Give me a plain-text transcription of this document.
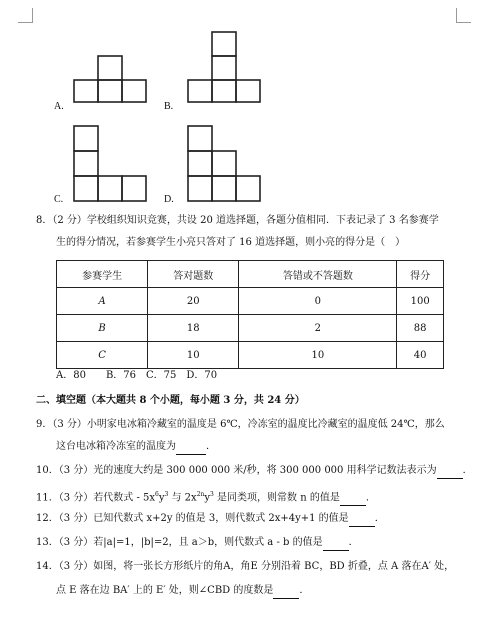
A.	B.
C.	D.
8．（2 分）学校组织知识竞赛，共设 20 道选择题，各题分值相同．下表记录了 3 名参赛学
生的得分情况，若参赛学生小亮只答对了 16 道选择题，则小亮的得分是（　）
参赛学生	答对题数	答错或不答题数	得分
A	20	0	100
B	18	2	88
C	10	10	40
A．80　　B．76　C．75　D．70
二、填空题（本大题共 8 个小题，每小题 3 分，共 24 分）
9．（3 分）小明家电冰箱冷藏室的温度是 6℃，冷冻室的温度比冷藏室的温度低 24℃，那么
这台电冰箱冷冻室的温度为	．
10．（3 分）光的速度大约是 300 000 000 米/秒，将 300 000 000 用科学记数法表示为	．
11．（3 分）若代数式 - $5x^6y^3$ 与 $2x^{2n}y^3$ 是同类项，则常数 n 的值是	．
12．（3 分）已知代数式 x+2y 的值是 3，则代数式 2x+4y+1 的值是	．
13．（3 分）若|a|=1，|b|=2，且 a＞b，则代数式 a - b 的值是	．
14．（3 分）如图，将一张长方形纸片的角A，角E 分别沿着 BC，BD 折叠，点 A 落在A′ 处，
点 E 落在边 BA′ 上的 E′ 处，则∠CBD 的度数是	．
